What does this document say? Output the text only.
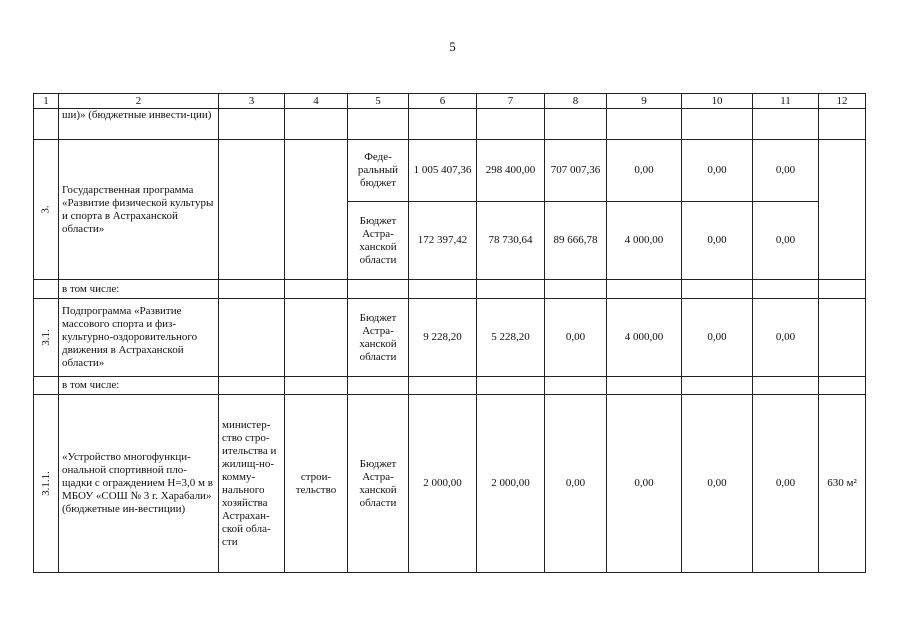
5
1	2	3	4	5	6	7	8	9	10	11	12
	ши)» (бюджетные инвести-ции)										
3.	Государственная программа «Развитие физической культуры и спорта в Астраханской области»			Феде-ральный бюджет	1 005 407,36	298 400,00	707 007,36	0,00	0,00	0,00	
				Бюджет Астра-ханской области	172 397,42	78 730,64	89 666,78	4 000,00	0,00	0,00	
	в том числе:										
3.1.	Подпрограмма «Развитие массового спорта и физ-культурно-оздоровительного движения в Астраханской области»			Бюджет Астра-ханской области	9 228,20	5 228,20	0,00	4 000,00	0,00	0,00	
	в том числе:										
3.1.1.	«Устройство многофункци-ональной спортивной пло-щадки с ограждением Н=3,0 м в МБОУ «СОШ № 3 г. Харабали» (бюджетные ин-вестиции)	министер-ство стро-ительства и жилищ-но-комму-нального хозяйства Астрахан-ской обла-сти	строи-тельство	Бюджет Астра-ханской области	2 000,00	2 000,00	0,00	0,00	0,00	0,00	630 м²
